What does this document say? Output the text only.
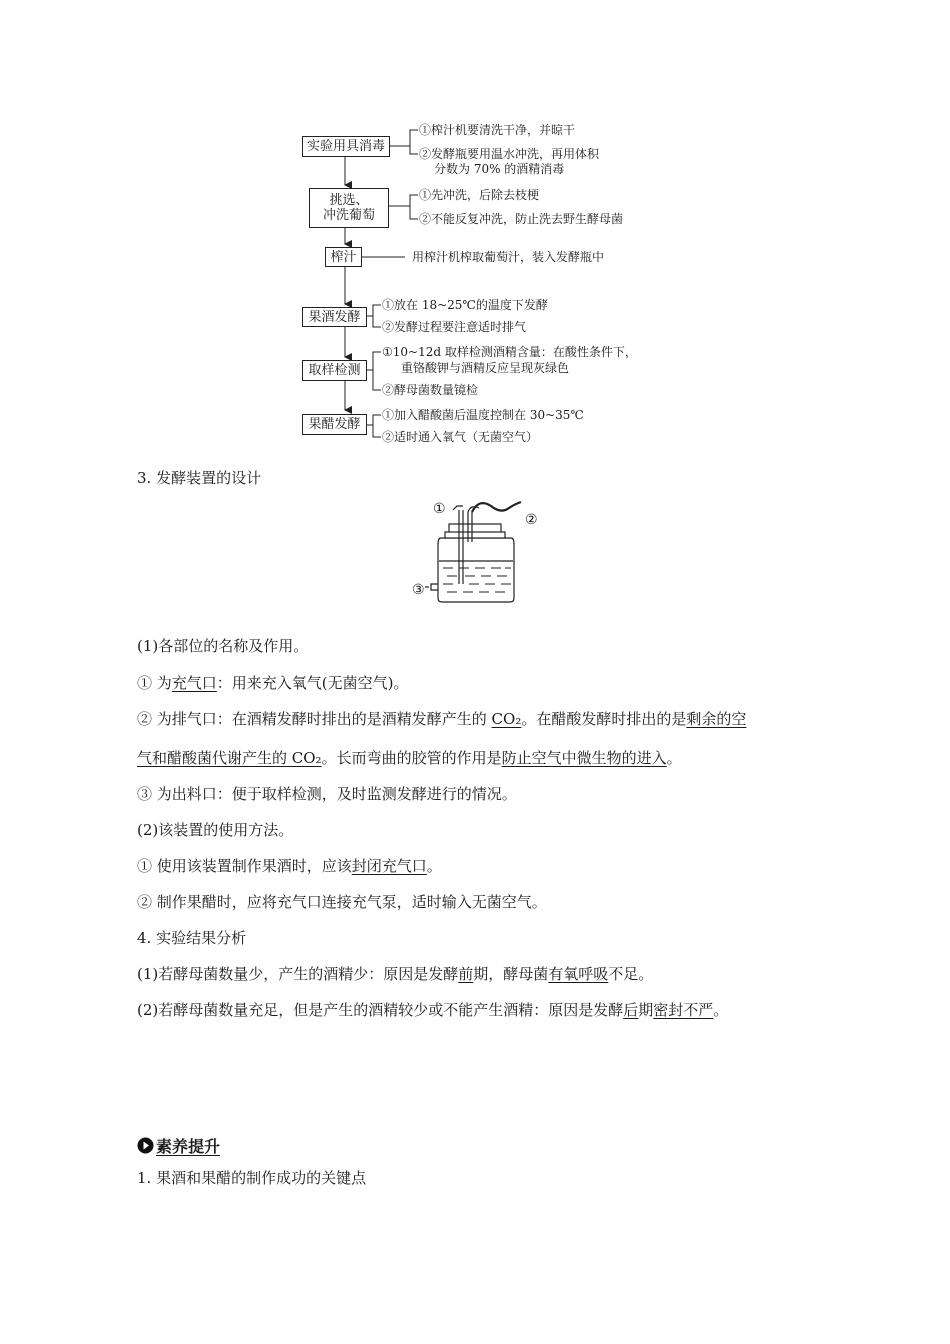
实验用具消毒
挑选、
冲洗葡萄
榨汁
果酒发酵
取样检测
果醋发酵
①榨汁机要清洗干净，并晾干
②发酵瓶要用温水冲洗，再用体积
分数为 70% 的酒精消毒
①先冲洗，后除去枝梗
②不能反复冲洗，防止洗去野生酵母菌
用榨汁机榨取葡萄汁，装入发酵瓶中
①放在 18~25℃的温度下发酵
②发酵过程要注意适时排气
①10~12d 取样检测酒精含量：在酸性条件下，
重铬酸钾与酒精反应呈现灰绿色
②酵母菌数量镜检
①加入醋酸菌后温度控制在 30~35℃
②适时通入氧气（无菌空气）
3. 发酵装置的设计
①
②
③
(1)各部位的名称及作用。
① 为充气口：用来充入氧气(无菌空气)。
② 为排气口：在酒精发酵时排出的是酒精发酵产生的 CO₂。在醋酸发酵时排出的是剩余的空
气和醋酸菌代谢产生的 CO₂。长而弯曲的胶管的作用是防止空气中微生物的进入。
③ 为出料口：便于取样检测，及时监测发酵进行的情况。
(2)该装置的使用方法。
① 使用该装置制作果酒时，应该封闭充气口。
② 制作果醋时，应将充气口连接充气泵，适时输入无菌空气。
4. 实验结果分析
(1)若酵母菌数量少，产生的酒精少：原因是发酵前期，酵母菌有氧呼吸不足。
(2)若酵母菌数量充足，但是产生的酒精较少或不能产生酒精：原因是发酵后期密封不严。
素养提升
1. 果酒和果醋的制作成功的关键点
